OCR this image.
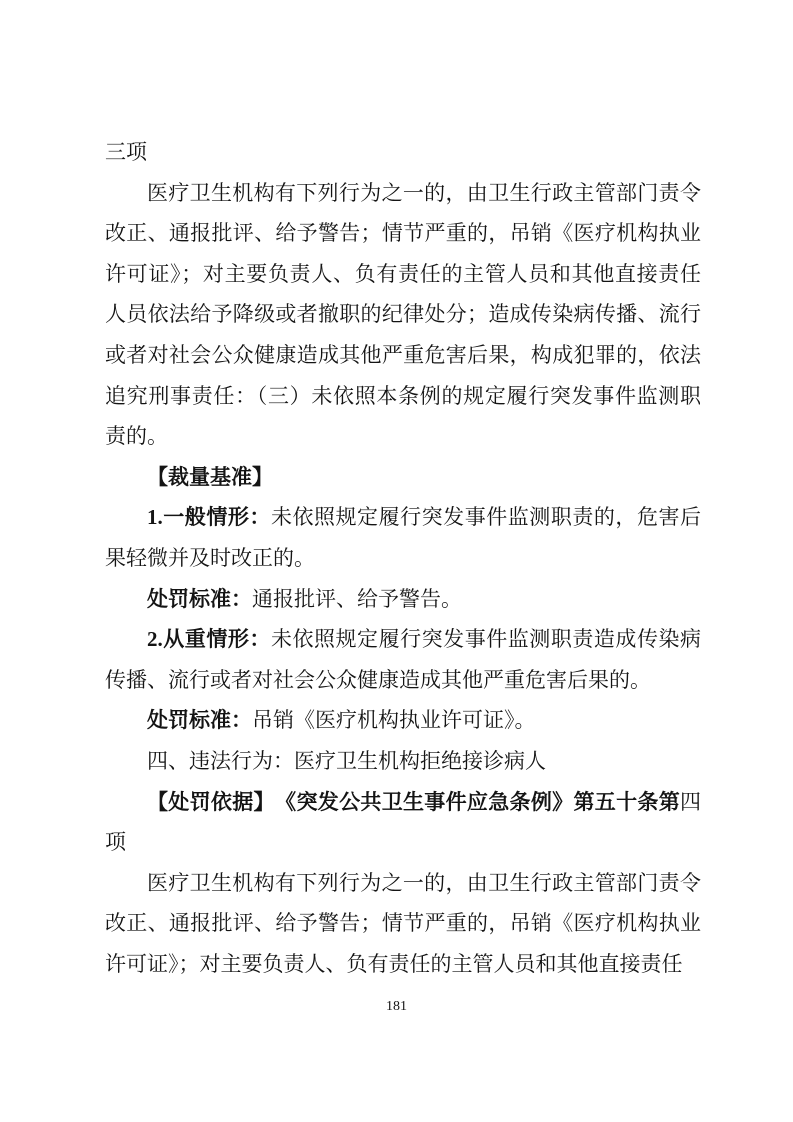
三项

医疗卫生机构有下列行为之一的，由卫生行政主管部门责令改正、通报批评、给予警告；情节严重的，吊销《医疗机构执业许可证》；对主要负责人、负有责任的主管人员和其他直接责任人员依法给予降级或者撤职的纪律处分；造成传染病传播、流行或者对社会公众健康造成其他严重危害后果，构成犯罪的，依法追究刑事责任：（三）未依照本条例的规定履行突发事件监测职责的。

【裁量基准】

1.一般情形：未依照规定履行突发事件监测职责的，危害后果轻微并及时改正的。

处罚标准：通报批评、给予警告。

2.从重情形：未依照规定履行突发事件监测职责造成传染病传播、流行或者对社会公众健康造成其他严重危害后果的。

处罚标准：吊销《医疗机构执业许可证》。

四、违法行为：医疗卫生机构拒绝接诊病人

【处罚依据】　《突发公共卫生事件应急条例》第五十条第四项

医疗卫生机构有下列行为之一的，由卫生行政主管部门责令改正、通报批评、给予警告；情节严重的，吊销《医疗机构执业许可证》；对主要负责人、负有责任的主管人员和其他直接责任

181
